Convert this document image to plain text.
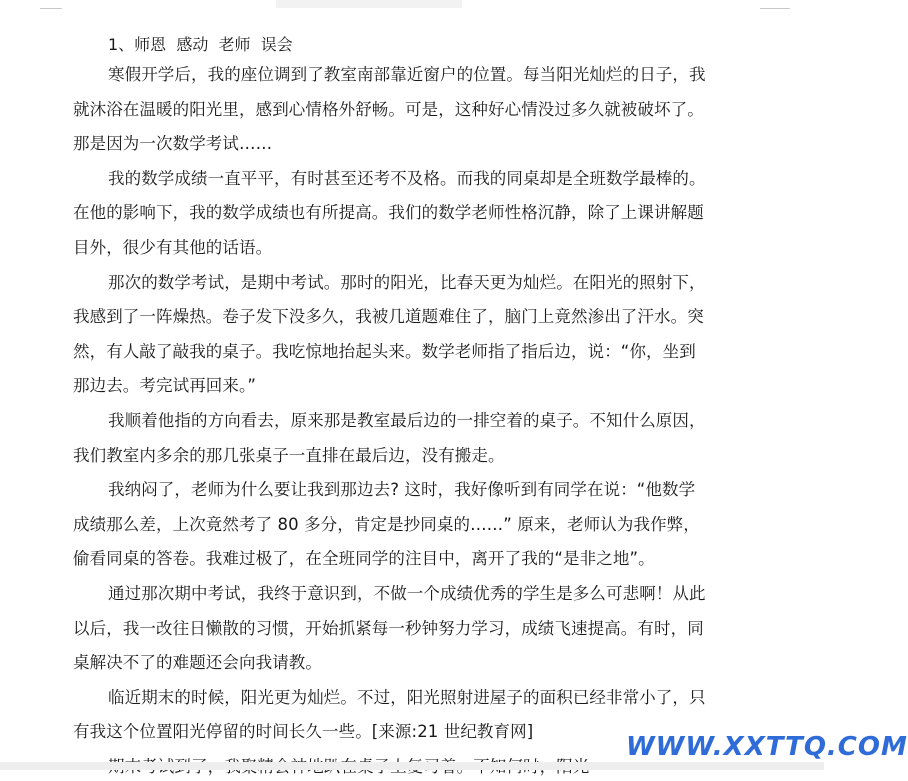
1、师恩  感动  老师  误会
寒假开学后，我的座位调到了教室南部靠近窗户的位置。每当阳光灿烂的日子，我
就沐浴在温暖的阳光里，感到心情格外舒畅。可是，这种好心情没过多久就被破坏了。
那是因为一次数学考试……
我的数学成绩一直平平，有时甚至还考不及格。而我的同桌却是全班数学最棒的。
在他的影响下，我的数学成绩也有所提高。我们的数学老师性格沉静，除了上课讲解题
目外，很少有其他的话语。
那次的数学考试，是期中考试。那时的阳光，比春天更为灿烂。在阳光的照射下，
我感到了一阵燥热。卷子发下没多久，我被几道题难住了，脑门上竟然渗出了汗水。突
然，有人敲了敲我的桌子。我吃惊地抬起头来。数学老师指了指后边，说：“你，坐到
那边去。考完试再回来。”
我顺着他指的方向看去，原来那是教室最后边的一排空着的桌子。不知什么原因，
我们教室内多余的那几张桌子一直排在最后边，没有搬走。
我纳闷了，老师为什么要让我到那边去? 这时，我好像听到有同学在说：“他数学
成绩那么差，上次竟然考了 80 多分，肯定是抄同桌的……” 原来，老师认为我作弊，
偷看同桌的答卷。我难过极了，在全班同学的注目中，离开了我的“是非之地”。
通过那次期中考试，我终于意识到，不做一个成绩优秀的学生是多么可悲啊！从此
以后，我一改往日懒散的习惯，开始抓紧每一秒钟努力学习，成绩飞速提高。有时，同
桌解决不了的难题还会向我请教。
临近期末的时候，阳光更为灿烂。不过，阳光照射进屋子的面积已经非常小了，只
有我这个位置阳光停留的时间长久一些。[来源:21 世纪教育网]
WWW.XXTTQ.COM
